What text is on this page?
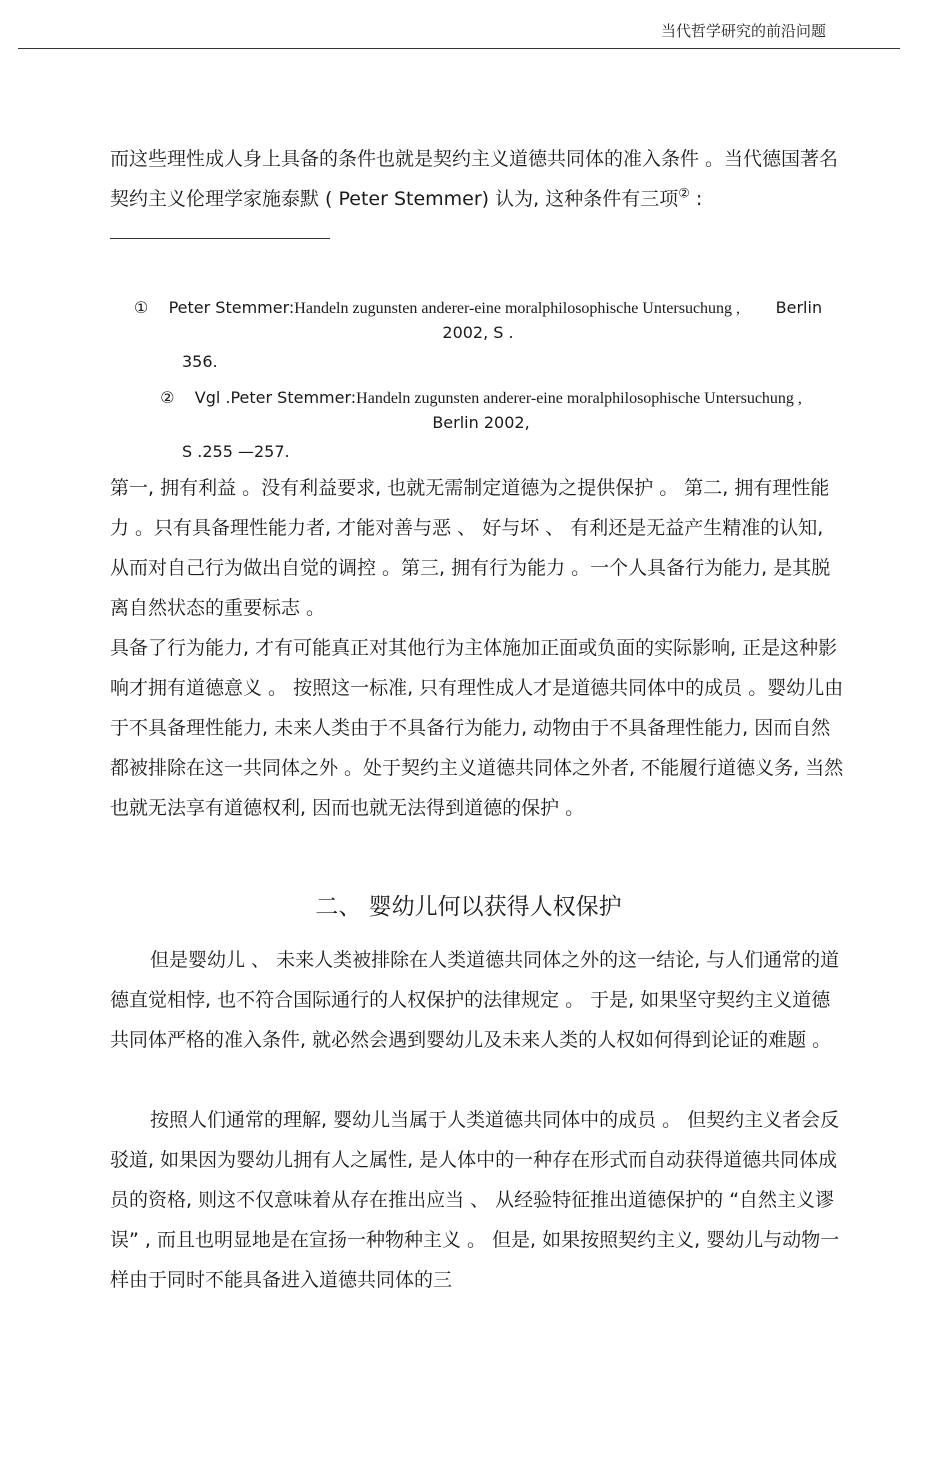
当代哲学研究的前沿问题

而这些理性成人身上具备的条件也就是契约主义道德共同体的准入条件 。当代德国著名契约主义伦理学家施泰默 ( Peter Stemmer) 认为, 这种条件有三项② :

① Peter Stemmer:Handeln zugunsten anderer-eine moralphilosophische Untersuchung , Berlin
2002, S .
356.
② Vgl .Peter Stemmer:Handeln zugunsten anderer-eine moralphilosophische Untersuchung ,
Berlin 2002,
S .255 —257.

第一, 拥有利益 。没有利益要求, 也就无需制定道德为之提供保护 。 第二, 拥有理性能力 。只有具备理性能力者, 才能对善与恶 、 好与坏 、 有利还是无益产生精准的认知, 从而对自己行为做出自觉的调控 。第三, 拥有行为能力 。一个人具备行为能力, 是其脱离自然状态的重要标志 。

具备了行为能力, 才有可能真正对其他行为主体施加正面或负面的实际影响, 正是这种影响才拥有道德意义 。 按照这一标准, 只有理性成人才是道德共同体中的成员 。婴幼儿由于不具备理性能力, 未来人类由于不具备行为能力, 动物由于不具备理性能力, 因而自然都被排除在这一共同体之外 。处于契约主义道德共同体之外者, 不能履行道德义务, 当然也就无法享有道德权利, 因而也就无法得到道德的保护 。

二、 婴幼儿何以获得人权保护

但是婴幼儿 、 未来人类被排除在人类道德共同体之外的这一结论, 与人们通常的道德直觉相悖, 也不符合国际通行的人权保护的法律规定 。 于是, 如果坚守契约主义道德共同体严格的准入条件, 就必然会遇到婴幼儿及未来人类的人权如何得到论证的难题 。

按照人们通常的理解, 婴幼儿当属于人类道德共同体中的成员 。 但契约主义者会反驳道, 如果因为婴幼儿拥有人之属性, 是人体中的一种存在形式而自动获得道德共同体成员的资格, 则这不仅意味着从存在推出应当 、 从经验特征推出道德保护的 “自然主义谬误” , 而且也明显地是在宣扬一种物种主义 。 但是, 如果按照契约主义, 婴幼儿与动物一样由于同时不能具备进入道德共同体的三
